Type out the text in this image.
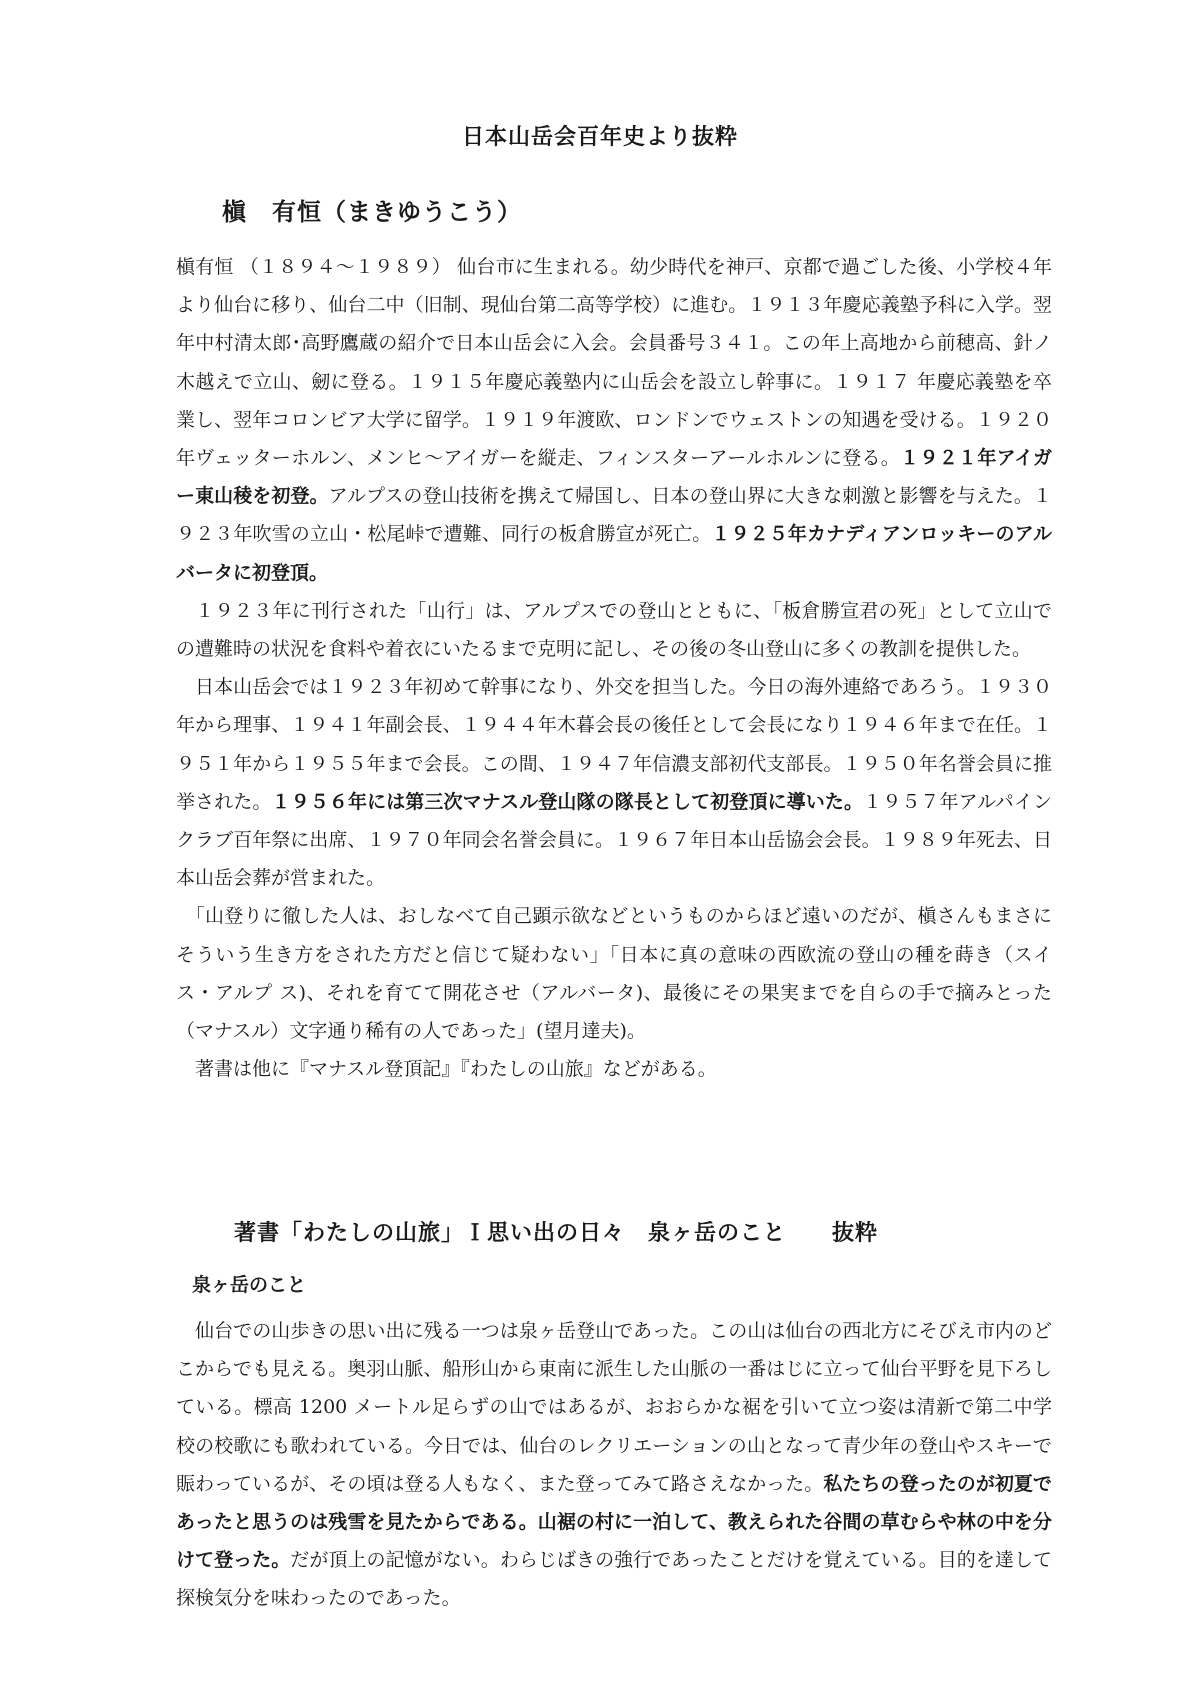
日本山岳会百年史より抜粋
槇　有恒（まきゆうこう）

槇有恒 （１８９４～１９８９） 仙台市に生まれる。幼少時代を神戸、京都で過ごした後、小学校４年より仙台に移り、仙台二中（旧制、現仙台第二高等学校）に進む。１９１３年慶応義塾予科に入学。翌年中村清太郎･高野鷹蔵の紹介で日本山岳会に入会。会員番号３４１。この年上高地から前穂高、針ノ木越えで立山、劒に登る。１９１５年慶応義塾内に山岳会を設立し幹事に。１９１７ 年慶応義塾を卒業し、翌年コロンビア大学に留学。１９１９年渡欧、ロンドンでウェストンの知遇を受ける。１９２０年ヴェッターホルン、メンヒ～アイガーを縦走、フィンスターアールホルンに登る。１９２１年アイガー東山稜を初登。アルプスの登山技術を携えて帰国し、日本の登山界に大きな刺激と影響を与えた。１９２３年吹雪の立山・松尾峠で遭難、同行の板倉勝宣が死亡。１９２５年カナディアンロッキーのアルバータに初登頂。

　１９２３年に刊行された「山行」は、アルプスでの登山とともに、「板倉勝宣君の死」として立山での遭難時の状況を食料や着衣にいたるまで克明に記し、その後の冬山登山に多くの教訓を提供した。

　日本山岳会では１９２３年初めて幹事になり、外交を担当した。今日の海外連絡であろう。１９３０年から理事、１９４１年副会長、１９４４年木暮会長の後任として会長になり１９４６年まで在任。１９５１年から１９５５年まで会長。この間、１９４７年信濃支部初代支部長。１９５０年名誉会員に推挙された。１９５６年には第三次マナスル登山隊の隊長として初登頂に導いた。１９５７年アルパインクラブ百年祭に出席、１９７０年同会名誉会員に。１９６７年日本山岳協会会長。１９８９年死去、日本山岳会葬が営まれた。

　「山登りに徹した人は、おしなべて自己顕示欲などというものからほど遠いのだが、槇さんもまさにそういう生き方をされた方だと信じて疑わない」「日本に真の意味の西欧流の登山の種を蒔き（スイス・アルプ ス)、それを育てて開花させ（アルバータ)、最後にその果実までを自らの手で摘みとった（マナスル）文字通り稀有の人であった」(望月達夫)。

　著書は他に『マナスル登頂記』『わたしの山旅』などがある。

著書「わたしの山旅」Ｉ思い出の日々　泉ヶ岳のこと　　抜粋
泉ヶ岳のこと

　仙台での山歩きの思い出に残る一つは泉ヶ岳登山であった。この山は仙台の西北方にそびえ市内のどこからでも見える。奥羽山脈、船形山から東南に派生した山脈の一番はじに立って仙台平野を見下ろしている。標高 1200 メートル足らずの山ではあるが、おおらかな裾を引いて立つ姿は清新で第二中学校の校歌にも歌われている。今日では、仙台のレクリエーションの山となって青少年の登山やスキーで賑わっているが、その頃は登る人もなく、また登ってみて路さえなかった。私たちの登ったのが初夏であったと思うのは残雪を見たからである。山裾の村に一泊して、教えられた谷間の草むらや林の中を分けて登った。だが頂上の記憶がない。わらじばきの強行であったことだけを覚えている。目的を達して探検気分を味わったのであった。
